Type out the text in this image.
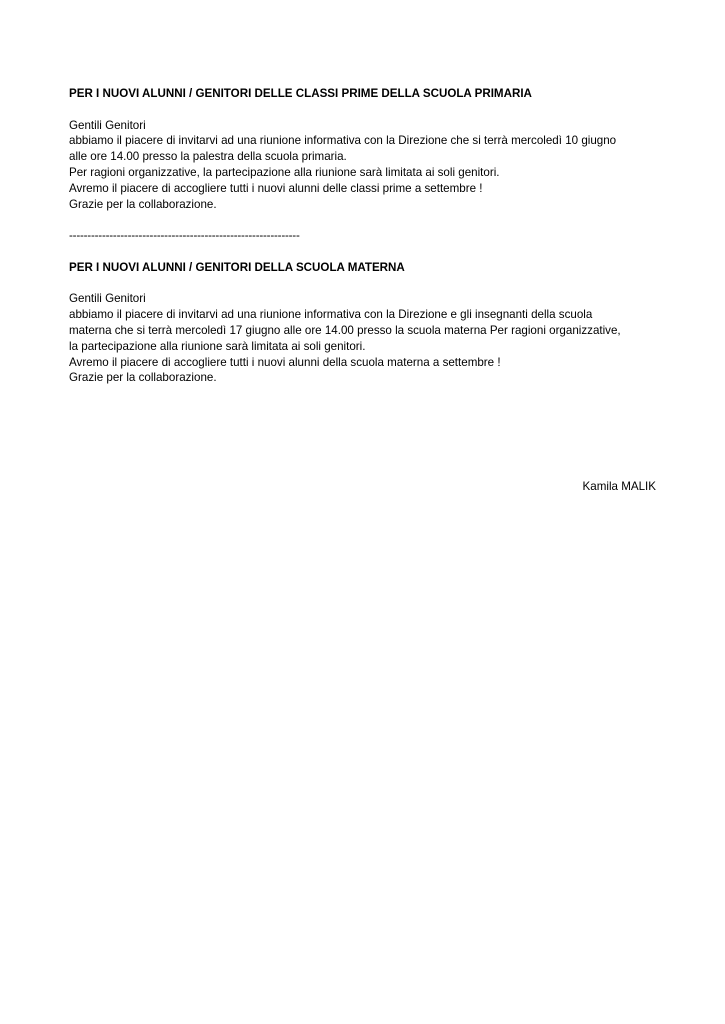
PER I NUOVI ALUNNI / GENITORI DELLE CLASSI PRIME DELLA SCUOLA PRIMARIA

Gentili Genitori

abbiamo il piacere di invitarvi ad una riunione informativa con la Direzione che si terrà mercoledì 10 giugno

alle ore 14.00 presso la palestra della scuola primaria.

Per ragioni organizzative, la partecipazione alla riunione sarà limitata ai soli genitori.

Avremo il piacere di accogliere tutti i nuovi alunni delle classi prime a settembre !

Grazie per la collaborazione.

---------------------------------------------------------------

PER I NUOVI ALUNNI / GENITORI DELLA SCUOLA MATERNA

Gentili Genitori

abbiamo il piacere di invitarvi ad una riunione informativa con la Direzione e gli insegnanti della scuola

materna che si terrà mercoledì 17 giugno alle ore 14.00 presso la scuola materna Per ragioni organizzative,

la partecipazione alla riunione sarà limitata ai soli genitori.

Avremo il piacere di accogliere tutti i nuovi alunni della scuola materna a settembre !

Grazie per la collaborazione.

Kamila MALIK
